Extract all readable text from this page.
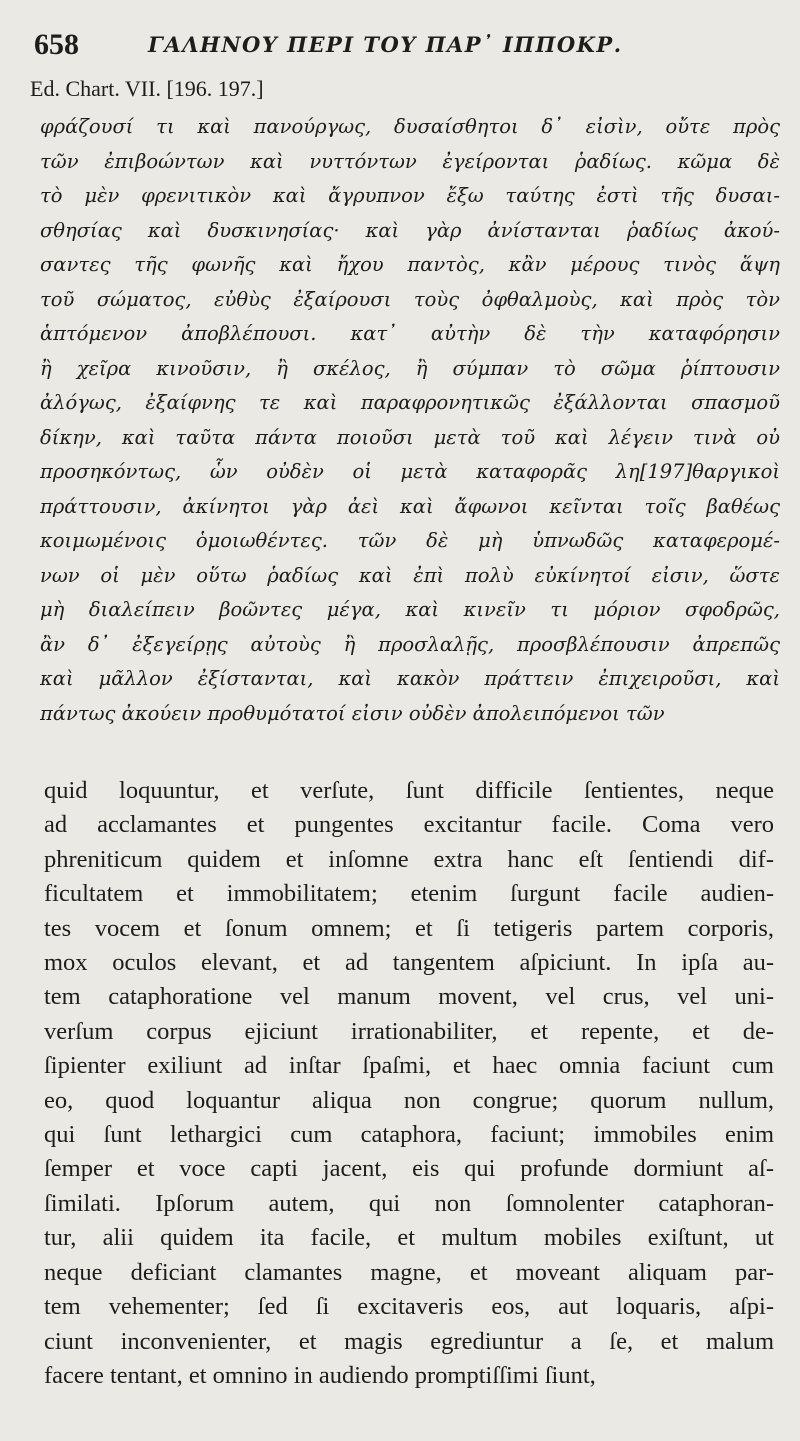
658	ΓΑΛΗΝΟΥ ΠΕΡΙ ΤΟΥ ΠΑΡ᾽ ΙΠΠΟΚΡ.
Ed. Chart. VII. [196. 197.]
φράζουσί τι καὶ πανούργως, δυσαίσθητοι δ᾽ εἰσὶν, οὔτε πρὸς
τῶν ἐπιβοώντων καὶ νυττόντων ἐγείρονται ῥαδίως. κῶμα δὲ
τὸ μὲν φρενιτικὸν καὶ ἄγρυπνον ἔξω ταύτης ἐστὶ τῆς δυσαι-
σθησίας καὶ δυσκινησίας· καὶ γὰρ ἀνίστανται ῥαδίως ἀκού-
σαντες τῆς φωνῆς καὶ ἤχου παντὸς, κἂν μέρους τινὸς ἅψη
τοῦ σώματος, εὐθὺς ἐξαίρουσι τοὺς ὀφθαλμοὺς, καὶ πρὸς τὸν
ἁπτόμενον ἀποβλέπουσι. κατ᾽ αὐτὴν δὲ τὴν καταφόρησιν
ἢ χεῖρα κινοῦσιν, ἢ σκέλος, ἢ σύμπαν τὸ σῶμα ῥίπτουσιν
ἀλόγως, ἐξαίφνης τε καὶ παραφρονητικῶς ἐξάλλονται σπασμοῦ
δίκην, καὶ ταῦτα πάντα ποιοῦσι μετὰ τοῦ καὶ λέγειν τινὰ οὐ
προσηκόντως, ὧν οὐδὲν οἱ μετὰ καταφορᾶς λη[197]θαργικοὶ
πράττουσιν, ἀκίνητοι γὰρ ἀεὶ καὶ ἄφωνοι κεῖνται τοῖς βαθέως
κοιμωμένοις ὁμοιωθέντες. τῶν δὲ μὴ ὑπνωδῶς καταφερομέ-
νων οἱ μὲν οὕτω ῥαδίως καὶ ἐπὶ πολὺ εὐκίνητοί εἰσιν, ὥστε
μὴ διαλείπειν βοῶντες μέγα, καὶ κινεῖν τι μόριον σφοδρῶς,
ἂν δ᾽ ἐξεγείρῃς αὐτοὺς ἢ προσλαλῇς, προσβλέπουσιν ἀπρεπῶς
καὶ μᾶλλον ἐξίστανται, καὶ κακὸν πράττειν ἐπιχειροῦσι, καὶ
πάντως ἀκούειν προθυμότατοί εἰσιν οὐδὲν ἀπολειπόμενοι τῶν
quid loquuntur, et verſute, ſunt difficile ſentientes, neque
ad acclamantes et pungentes excitantur facile. Coma vero
phreniticum quidem et inſomne extra hanc eſt ſentiendi dif-
ficultatem et immobilitatem; etenim ſurgunt facile audien-
tes vocem et ſonum omnem; et ſi tetigeris partem corporis,
mox oculos elevant, et ad tangentem aſpiciunt. In ipſa au-
tem cataphoratione vel manum movent, vel crus, vel uni-
verſum corpus ejiciunt irrationabiliter, et repente, et de-
ſipienter exiliunt ad inſtar ſpaſmi, et haec omnia faciunt cum
eo, quod loquantur aliqua non congrue; quorum nullum,
qui ſunt lethargici cum cataphora, faciunt; immobiles enim
ſemper et voce capti jacent, eis qui profunde dormiunt aſ-
ſimilati. Ipſorum autem, qui non ſomnolenter cataphoran-
tur, alii quidem ita facile, et multum mobiles exiſtunt, ut
neque deficiant clamantes magne, et moveant aliquam par-
tem vehementer; ſed ſi excitaveris eos, aut loquaris, aſpi-
ciunt inconvenienter, et magis egrediuntur a ſe, et malum
facere tentant, et omnino in audiendo promptiſſimi ſiunt,
